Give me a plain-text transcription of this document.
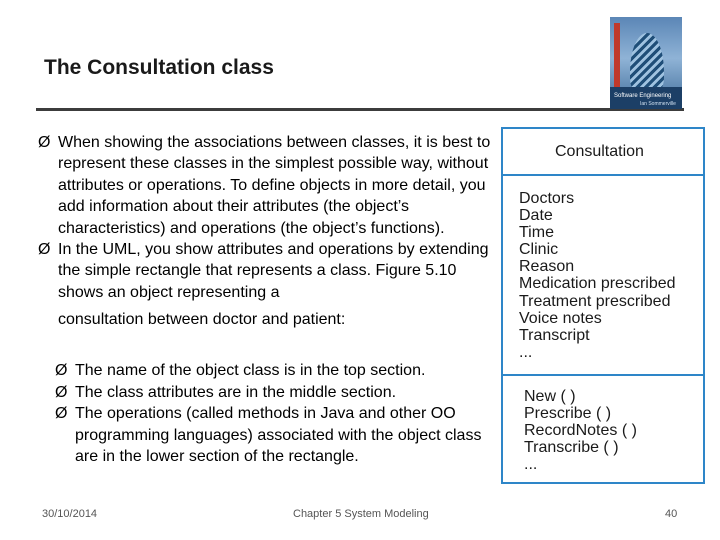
The Consultation class
Software Engineering
Ian Sommerville
Ø When showing the associations between classes, it is best to represent these classes in the simplest possible way, without attributes or operations. To define objects in more detail, you add information about their attributes (the object’s characteristics) and operations (the object’s functions).
Ø In the UML, you show attributes and operations by extending the simple rectangle that represents a class. Figure 5.10 shows an object representing a
consultation between doctor and patient:
Ø The name of the object class is in the top section.
Ø The class attributes are in the middle section.
Ø The operations (called methods in Java and other OO programming languages) associated with the object class are in the lower section of the rectangle.
Consultation
Doctors
Date
Time
Clinic
Reason
Medication prescribed
Treatment prescribed
Voice notes
Transcript
...
New ( )
Prescribe ( )
RecordNotes ( )
Transcribe ( )
...
30/10/2014	Chapter 5 System Modeling	40
